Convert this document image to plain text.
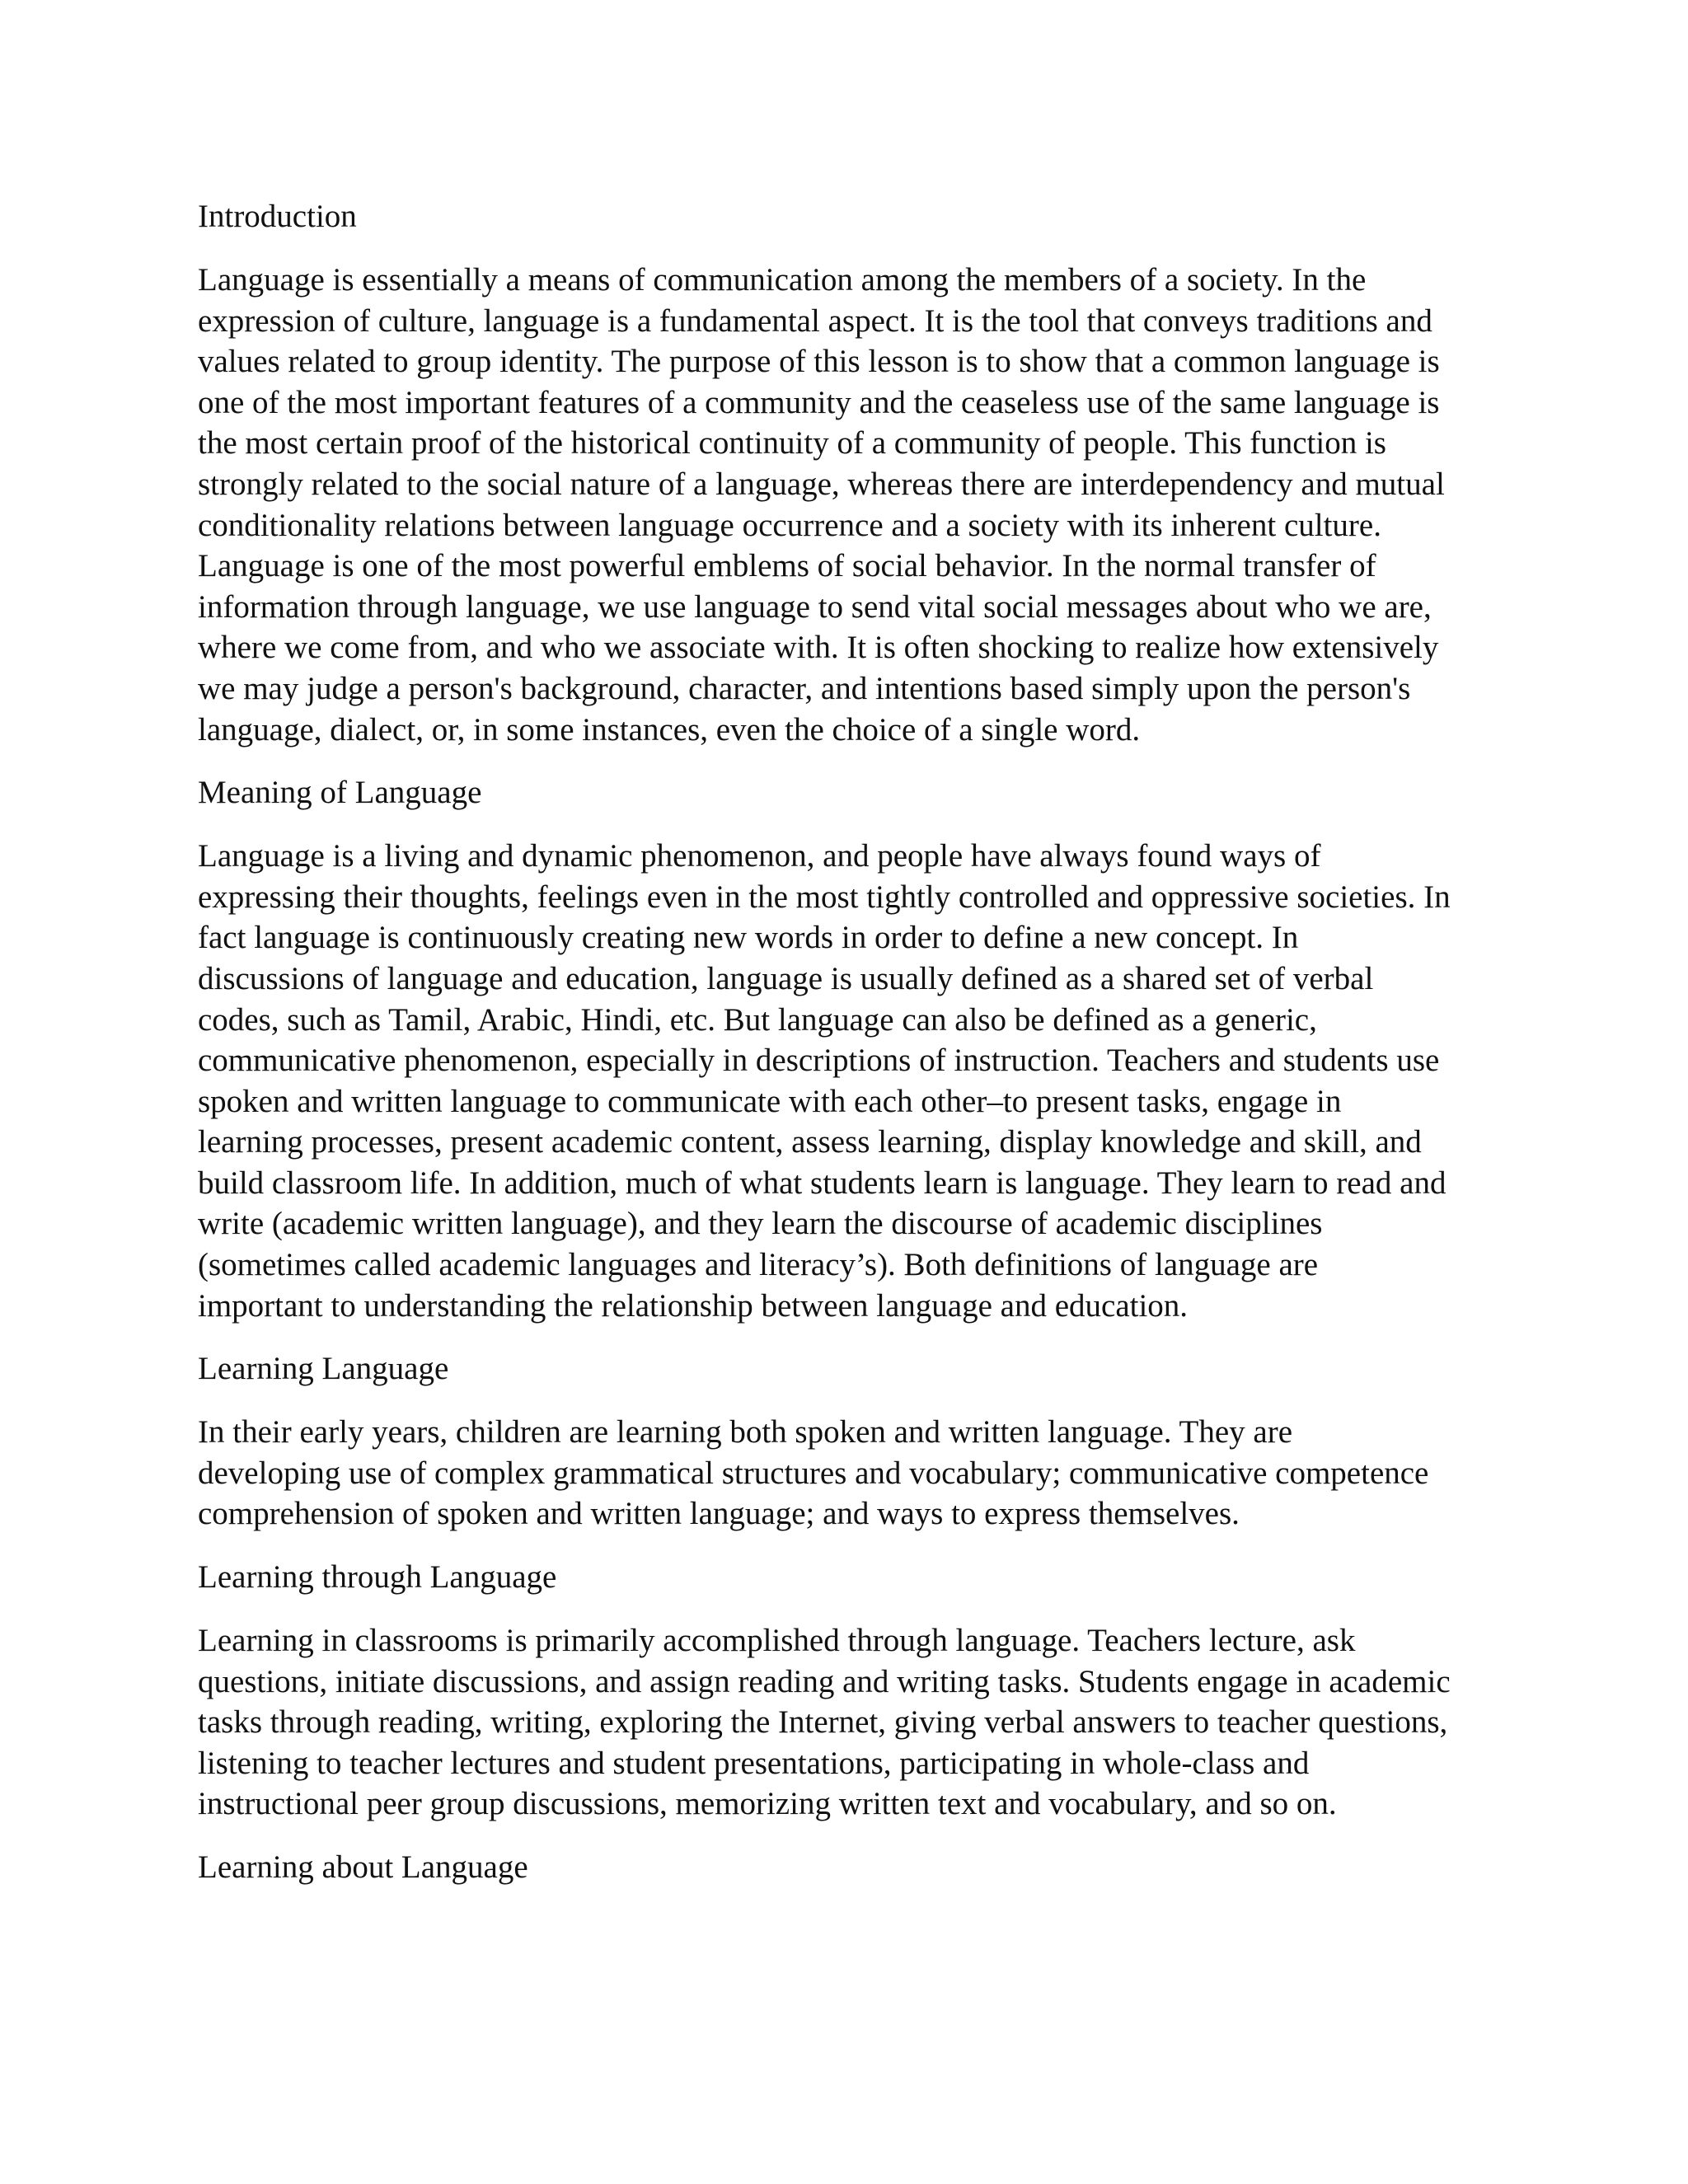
Introduction
Language is essentially a means of communication among the members of a society. In the
expression of culture, language is a fundamental aspect. It is the tool that conveys traditions and
values related to group identity. The purpose of this lesson is to show that a common language is
one of the most important features of a community and the ceaseless use of the same language is
the most certain proof of the historical continuity of a community of people. This function is
strongly related to the social nature of a language, whereas there are interdependency and mutual
conditionality relations between language occurrence and a society with its inherent culture.
Language is one of the most powerful emblems of social behavior. In the normal transfer of
information through language, we use language to send vital social messages about who we are,
where we come from, and who we associate with. It is often shocking to realize how extensively
we may judge a person's background, character, and intentions based simply upon the person's
language, dialect, or, in some instances, even the choice of a single word.
Meaning of Language
Language is a living and dynamic phenomenon, and people have always found ways of
expressing their thoughts, feelings even in the most tightly controlled and oppressive societies. In
fact language is continuously creating new words in order to define a new concept. In
discussions of language and education, language is usually defined as a shared set of verbal
codes, such as Tamil, Arabic, Hindi, etc. But language can also be defined as a generic,
communicative phenomenon, especially in descriptions of instruction. Teachers and students use
spoken and written language to communicate with each other–to present tasks, engage in
learning processes, present academic content, assess learning, display knowledge and skill, and
build classroom life. In addition, much of what students learn is language. They learn to read and
write (academic written language), and they learn the discourse of academic disciplines
(sometimes called academic languages and literacy’s). Both definitions of language are
important to understanding the relationship between language and education.
Learning Language
In their early years, children are learning both spoken and written language. They are
developing use of complex grammatical structures and vocabulary; communicative competence
comprehension of spoken and written language; and ways to express themselves.
Learning through Language
Learning in classrooms is primarily accomplished through language. Teachers lecture, ask
questions, initiate discussions, and assign reading and writing tasks. Students engage in academic
tasks through reading, writing, exploring the Internet, giving verbal answers to teacher questions,
listening to teacher lectures and student presentations, participating in whole-class and
instructional peer group discussions, memorizing written text and vocabulary, and so on.
Learning about Language
